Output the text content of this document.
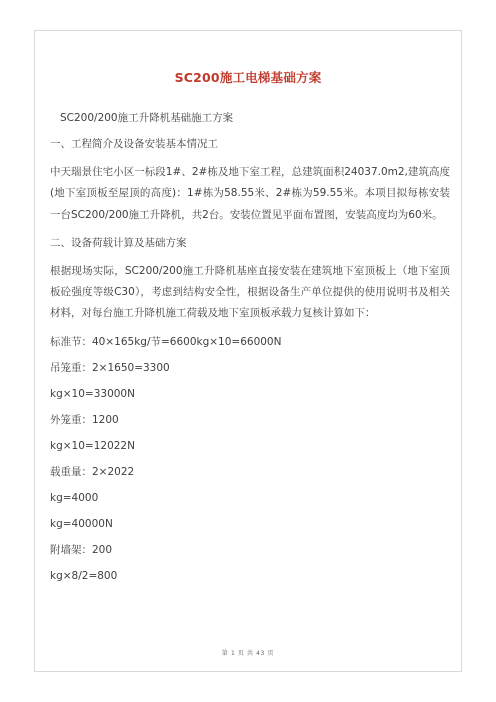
SC200施工电梯基础方案

SC200/200施工升降机基础施工方案

一、工程简介及设备安装基本情况工

中天瑞景住宅小区一标段1#、2#栋及地下室工程，总建筑面积24037.0m2,建筑高度(地下室顶板至屋顶的高度)：1#栋为58.55米、2#栋为59.55米。本项目拟每栋安装一台SC200/200施工升降机，共2台。安装位置见平面布置图，安装高度均为60米。

二、设备荷载计算及基础方案

根据现场实际，SC200/200施工升降机基座直接安装在建筑地下室顶板上（地下室顶板砼强度等级C30），考虑到结构安全性，根据设备生产单位提供的使用说明书及相关材料，对每台施工升降机施工荷载及地下室顶板承载力复核计算如下：

标准节：40×165kg/节=6600kg×10=66000N

吊笼重：2×1650=3300

kg×10=33000N

外笼重：1200

kg×10=12022N

载重量：2×2022

kg=4000

kg=40000N

附墙架：200

kg×8/2=800

第 1 页 共 43 页
